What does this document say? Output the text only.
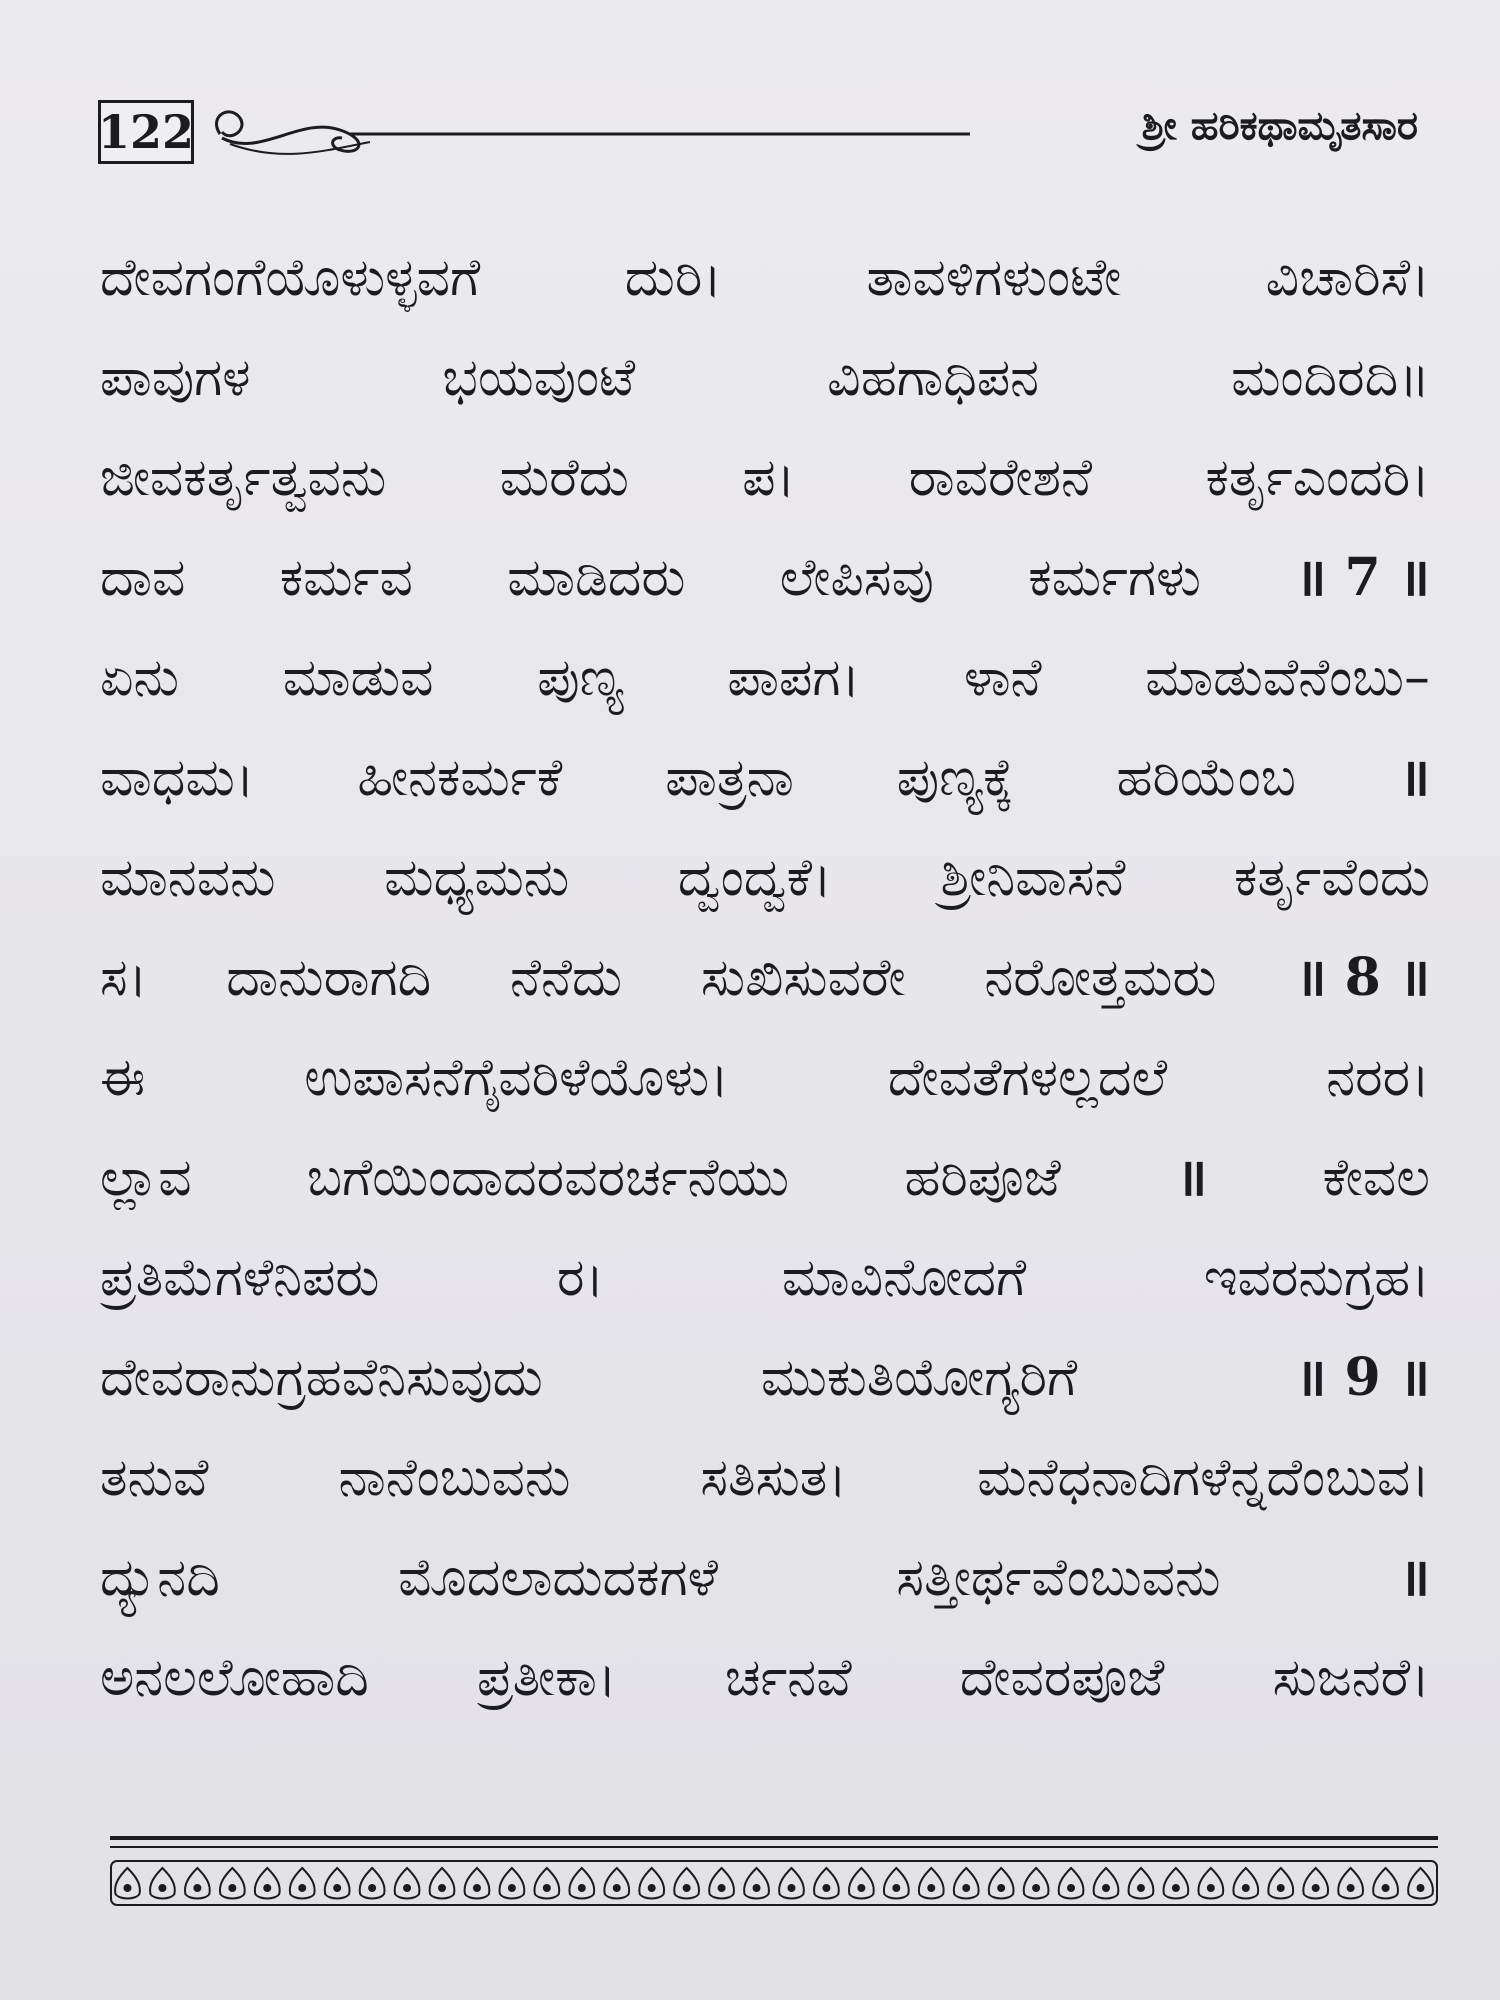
122	ಶ್ರೀ ಹರಿಕಥಾಮೃತಸಾರ
ದೇವಗಂಗೆಯೊಳುಳ್ಳವಗೆ	ದುರಿ।	ತಾವಳಿಗಳುಂಟೇ	ವಿಚಾರಿಸೆ।
ಪಾವುಗಳ	ಭಯವುಂಟೆ	ವಿಹಗಾಧಿಪನ	ಮಂದಿರದಿ॥
ಜೀವಕರ್ತೃತ್ವವನು ಮರೆದು ಪ। ರಾವರೇಶನೆ ಕರ್ತೃಎಂದರಿ।
ದಾವ ಕರ್ಮವ ಮಾಡಿದರು ಲೇಪಿಸವು ಕರ್ಮಗಳು ॥ 7 ॥
ಏನು ಮಾಡುವ ಪುಣ್ಯ ಪಾಪಗ। ಳಾನೆ ಮಾಡುವೆನೆಂಬು–
ವಾಧಮ। ಹೀನಕರ್ಮಕೆ ಪಾತ್ರನಾ ಪುಣ್ಯಕ್ಕೆ ಹರಿಯೆಂಬ ॥
ಮಾನವನು ಮಧ್ಯಮನು ದ್ವಂದ್ವಕೆ। ಶ್ರೀನಿವಾಸನೆ ಕರ್ತೃವೆಂದು
ಸ। ದಾನುರಾಗದಿ ನೆನೆದು ಸುಖಿಸುವರೇ ನರೋತ್ತಮರು ॥ 8 ॥
ಈ	ಉಪಾಸನೆಗೈವರಿಳೆಯೊಳು।	ದೇವತೆಗಳಲ್ಲದಲೆ	ನರರ।
ಲ್ಲಾವ ಬಗೆಯಿಂದಾದರವರರ್ಚನೆಯು ಹರಿಪೂಜೆ ॥ ಕೇವಲ
ಪ್ರತಿಮೆಗಳೆನಿಪರು	ರ।	ಮಾವಿನೋದಗೆ	ಇವರನುಗ್ರಹ।
ದೇವರಾನುಗ್ರಹವೆನಿಸುವುದು	ಮುಕುತಿಯೋಗ್ಯರಿಗೆ	॥ 9 ॥
ತನುವೆ	ನಾನೆಂಬುವನು	ಸತಿಸುತ।	ಮನೆಧನಾದಿಗಳೆನ್ನದೆಂಬುವ।
ದ್ಯುನದಿ	ಮೊದಲಾದುದಕಗಳೆ	ಸತ್ತೀರ್ಥವೆಂಬುವನು	॥
ಅನಲಲೋಹಾದಿ ಪ್ರತೀಕಾ। ರ್ಚನವೆ ದೇವರಪೂಜೆ ಸುಜನರೆ।
